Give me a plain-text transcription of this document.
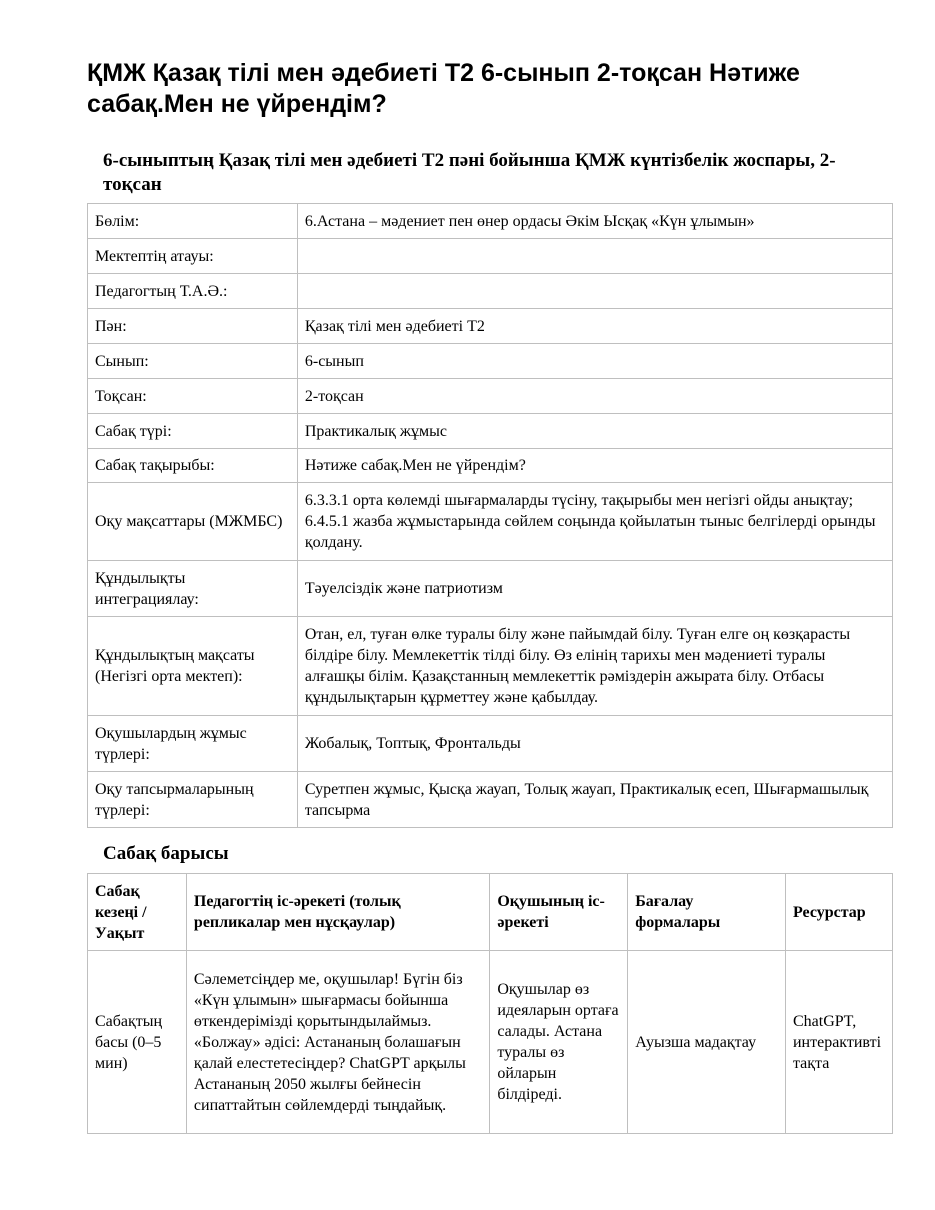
ҚМЖ Қазақ тілі мен әдебиеті Т2 6-сынып 2-тоқсан Нәтиже сабақ.Мен не үйрендім?
6-сыныптың Қазақ тілі мен әдебиеті Т2 пәні бойынша ҚМЖ күнтізбелік жоспары, 2-тоқсан
Бөлім:	6.Астана – мәдениет пен өнер ордасы Әкім Ысқақ «Күн ұлымын»
Мектептің атауы:	
Педагогтың Т.А.Ә.:	
Пән:	Қазақ тілі мен әдебиеті Т2
Сынып:	6-сынып
Тоқсан:	2-тоқсан
Сабақ түрі:	Практикалық жұмыс
Сабақ тақырыбы:	Нәтиже сабақ.Мен не үйрендім?
Оқу мақсаттары (МЖМБС)	6.3.3.1 орта көлемді шығармаларды түсіну, тақырыбы мен негізгі ойды анықтау; 6.4.5.1 жазба жұмыстарында сөйлем соңында қойылатын тыныс белгілерді орынды қолдану.
Құндылықты интеграциялау:	Тәуелсіздік және патриотизм
Құндылықтың мақсаты (Негізгі орта мектеп):	Отан, ел, туған өлке туралы білу және пайымдай білу. Туған елге оң көзқарасты білдіре білу. Мемлекеттік тілді білу. Өз елінің тарихы мен мәдениеті туралы алғашқы білім. Қазақстанның мемлекеттік рәміздерін ажырата білу. Отбасы құндылықтарын құрметтеу және қабылдау.
Оқушылардың жұмыс түрлері:	Жобалық, Топтық, Фронтальды
Оқу тапсырмаларының түрлері:	Суретпен жұмыс, Қысқа жауап, Толық жауап, Практикалық есеп, Шығармашылық тапсырма
Сабақ барысы
Сабақ кезеңі / Уақыт	Педагогтің іс-әрекеті (толық репликалар мен нұсқаулар)	Оқушының іс-әрекеті	Бағалау формалары	Ресурстар
Сабақтың басы (0–5 мин)	Сәлеметсіңдер ме, оқушылар! Бүгін біз «Күн ұлымын» шығармасы бойынша өткендерімізді қорытындылаймыз. «Болжау» әдісі: Астананың болашағын қалай елестетесіңдер? ChatGPT арқылы Астананың 2050 жылғы бейнесін сипаттайтын сөйлемдерді тыңдайық.	Оқушылар өз идеяларын ортаға салады. Астана туралы өз ойларын білдіреді.	Ауызша мадақтау	ChatGPT, интерактивті тақта
